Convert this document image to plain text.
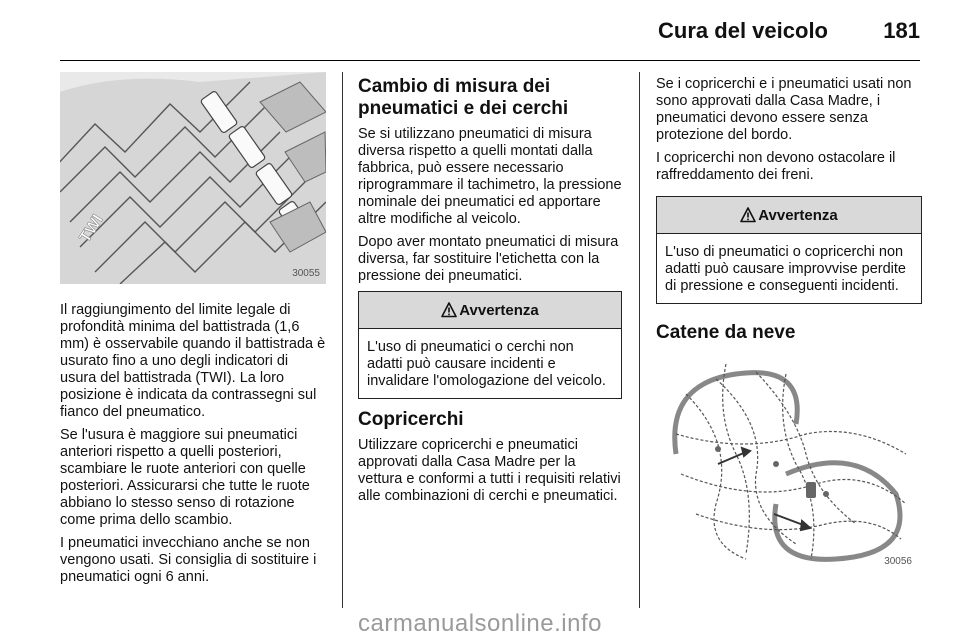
Cura del veicolo	181
TWI
30055

Il raggiungimento del limite legale di profondità minima del battistrada (1,6 mm) è osservabile quando il battistrada è usurato fino a uno degli indicatori di usura del battistrada (TWI). La loro posizione è indicata da contrassegni sul fianco del pneumatico.

Se l'usura è maggiore sui pneumatici anteriori rispetto a quelli posteriori, scambiare le ruote anteriori con quelle posteriori. Assicurarsi che tutte le ruote abbiano lo stesso senso di rotazione come prima dello scambio.

I pneumatici invecchiano anche se non vengono usati. Si consiglia di sostituire i pneumatici ogni 6 anni.

Cambio di misura dei pneumatici e dei cerchi

Se si utilizzano pneumatici di misura diversa rispetto a quelli montati dalla fabbrica, può essere necessario riprogrammare il tachimetro, la pressione nominale dei pneumatici ed apportare altre modifiche al veicolo.

Dopo aver montato pneumatici di misura diversa, far sostituire l'etichetta con la pressione dei pneumatici.

Avvertenza
L'uso di pneumatici o cerchi non adatti può causare incidenti e invalidare l'omologazione del veicolo.
Copricerchi

Utilizzare copricerchi e pneumatici approvati dalla Casa Madre per la vettura e conformi a tutti i requisiti relativi alle combinazioni di cerchi e pneumatici.

Se i copricerchi e i pneumatici usati non sono approvati dalla Casa Madre, i pneumatici devono essere senza protezione del bordo.

I copricerchi non devono ostacolare il raffreddamento dei freni.

Avvertenza
L'uso di pneumatici o copricerchi non adatti può causare improvvise perdite di pressione e conseguenti incidenti.
Catene da neve
30056
carmanualsonline.info
